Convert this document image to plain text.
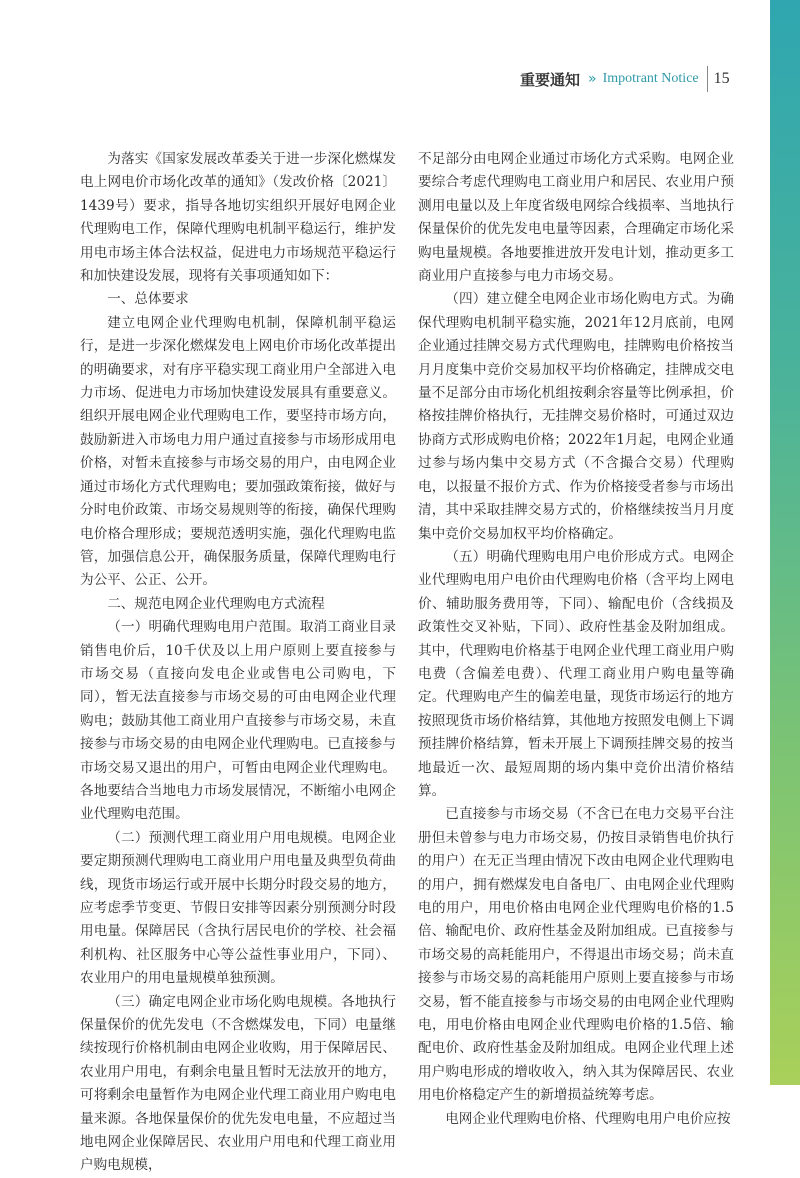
重要通知 » Impotrant Notice 15

为落实《国家发展改革委关于进一步深化燃煤发电上网电价市场化改革的通知》（发改价格〔2021〕1439号）要求，指导各地切实组织开展好电网企业代理购电工作，保障代理购电机制平稳运行，维护发用电市场主体合法权益，促进电力市场规范平稳运行和加快建设发展，现将有关事项通知如下：

一、总体要求

建立电网企业代理购电机制，保障机制平稳运行，是进一步深化燃煤发电上网电价市场化改革提出的明确要求，对有序平稳实现工商业用户全部进入电力市场、促进电力市场加快建设发展具有重要意义。组织开展电网企业代理购电工作，要坚持市场方向，鼓励新进入市场电力用户通过直接参与市场形成用电价格，对暂未直接参与市场交易的用户，由电网企业通过市场化方式代理购电；要加强政策衔接，做好与分时电价政策、市场交易规则等的衔接，确保代理购电价格合理形成；要规范透明实施，强化代理购电监管，加强信息公开，确保服务质量，保障代理购电行为公平、公正、公开。

二、规范电网企业代理购电方式流程

（一）明确代理购电用户范围。取消工商业目录销售电价后，10千伏及以上用户原则上要直接参与市场交易（直接向发电企业或售电公司购电，下同），暂无法直接参与市场交易的可由电网企业代理购电；鼓励其他工商业用户直接参与市场交易，未直接参与市场交易的由电网企业代理购电。已直接参与市场交易又退出的用户，可暂由电网企业代理购电。各地要结合当地电力市场发展情况，不断缩小电网企业代理购电范围。

（二）预测代理工商业用户用电规模。电网企业要定期预测代理购电工商业用户用电量及典型负荷曲线，现货市场运行或开展中长期分时段交易的地方，应考虑季节变更、节假日安排等因素分别预测分时段用电量。保障居民（含执行居民电价的学校、社会福利机构、社区服务中心等公益性事业用户，下同）、农业用户的用电量规模单独预测。

（三）确定电网企业市场化购电规模。各地执行保量保价的优先发电（不含燃煤发电，下同）电量继续按现行价格机制由电网企业收购，用于保障居民、农业用户用电，有剩余电量且暂时无法放开的地方，可将剩余电量暂作为电网企业代理工商业用户购电电量来源。各地保量保价的优先发电电量，不应超过当地电网企业保障居民、农业用户用电和代理工商业用户购电规模，

不足部分由电网企业通过市场化方式采购。电网企业要综合考虑代理购电工商业用户和居民、农业用户预测用电量以及上年度省级电网综合线损率、当地执行保量保价的优先发电电量等因素，合理确定市场化采购电量规模。各地要推进放开发电计划，推动更多工商业用户直接参与电力市场交易。

（四）建立健全电网企业市场化购电方式。为确保代理购电机制平稳实施，2021年12月底前，电网企业通过挂牌交易方式代理购电，挂牌购电价格按当月月度集中竞价交易加权平均价格确定，挂牌成交电量不足部分由市场化机组按剩余容量等比例承担，价格按挂牌价格执行，无挂牌交易价格时，可通过双边协商方式形成购电价格；2022年1月起，电网企业通过参与场内集中交易方式（不含撮合交易）代理购电，以报量不报价方式、作为价格接受者参与市场出清，其中采取挂牌交易方式的，价格继续按当月月度集中竞价交易加权平均价格确定。

（五）明确代理购电用户电价形成方式。电网企业代理购电用户电价由代理购电价格（含平均上网电价、辅助服务费用等，下同）、输配电价（含线损及政策性交叉补贴，下同）、政府性基金及附加组成。其中，代理购电价格基于电网企业代理工商业用户购电费（含偏差电费）、代理工商业用户购电量等确定。代理购电产生的偏差电量，现货市场运行的地方按照现货市场价格结算，其他地方按照发电侧上下调预挂牌价格结算，暂未开展上下调预挂牌交易的按当地最近一次、最短周期的场内集中竞价出清价格结算。

已直接参与市场交易（不含已在电力交易平台注册但未曾参与电力市场交易，仍按目录销售电价执行的用户）在无正当理由情况下改由电网企业代理购电的用户，拥有燃煤发电自备电厂、由电网企业代理购电的用户，用电价格由电网企业代理购电价格的1.5倍、输配电价、政府性基金及附加组成。已直接参与市场交易的高耗能用户，不得退出市场交易；尚未直接参与市场交易的高耗能用户原则上要直接参与市场交易，暂不能直接参与市场交易的由电网企业代理购电，用电价格由电网企业代理购电价格的1.5倍、输配电价、政府性基金及附加组成。电网企业代理上述用户购电形成的增收收入，纳入其为保障居民、农业用电价格稳定产生的新增损益统筹考虑。

电网企业代理购电价格、代理购电用户电价应按
